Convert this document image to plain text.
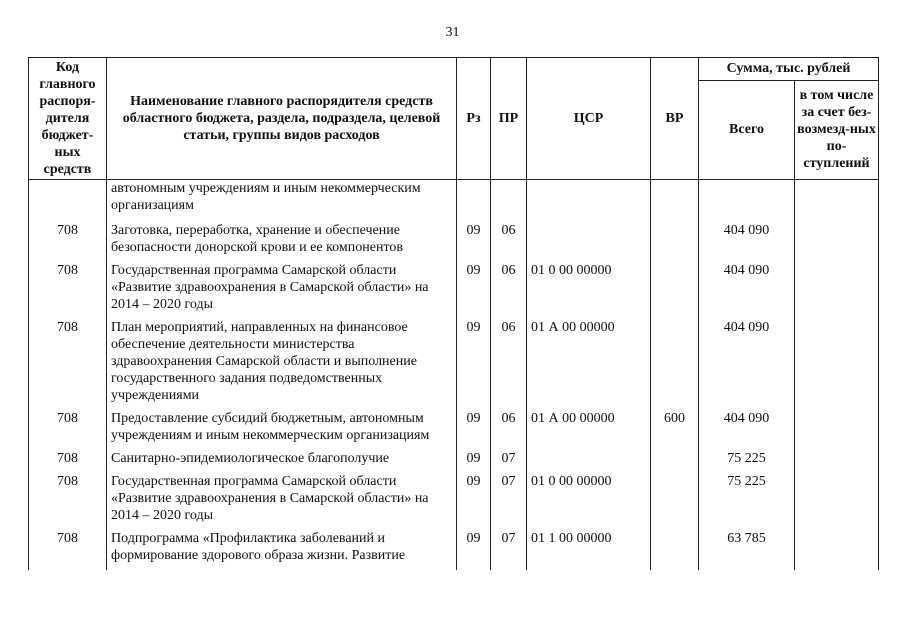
31
Код главного распоря-дителя бюджет-ных средств	Наименование главного распорядителя средств областного бюджета, раздела, подраздела, целевой статьи, группы видов расходов	Рз	ПР	ЦСР	ВР	Сумма, тыс. рублей	
						Всего	в том числе за счет без-возмезд-ных по-ступлений
	автономным учреждениям и иным некоммерческим организациям						
708	Заготовка, переработка, хранение и обеспечение безопасности донорской крови и ее компонентов	09	06			404 090	
708	Государственная программа Самарской области «Развитие здравоохранения в Самарской области» на 2014 – 2020 годы	09	06	01 0 00 00000		404 090	
708	План мероприятий, направленных на финансовое обеспечение деятельности министерства здравоохранения Самарской области и выполнение государственного задания подведомственных учреждениями	09	06	01 А 00 00000		404 090	
708	Предоставление субсидий бюджетным, автономным учреждениям и иным некоммерческим организациям	09	06	01 А 00 00000	600	404 090	
708	Санитарно-эпидемиологическое благополучие	09	07			75 225	
708	Государственная программа Самарской области «Развитие здравоохранения в Самарской области» на 2014 – 2020 годы	09	07	01 0 00 00000		75 225	
708	Подпрограмма «Профилактика заболеваний и формирование здорового образа жизни. Развитие	09	07	01 1 00 00000		63 785	
